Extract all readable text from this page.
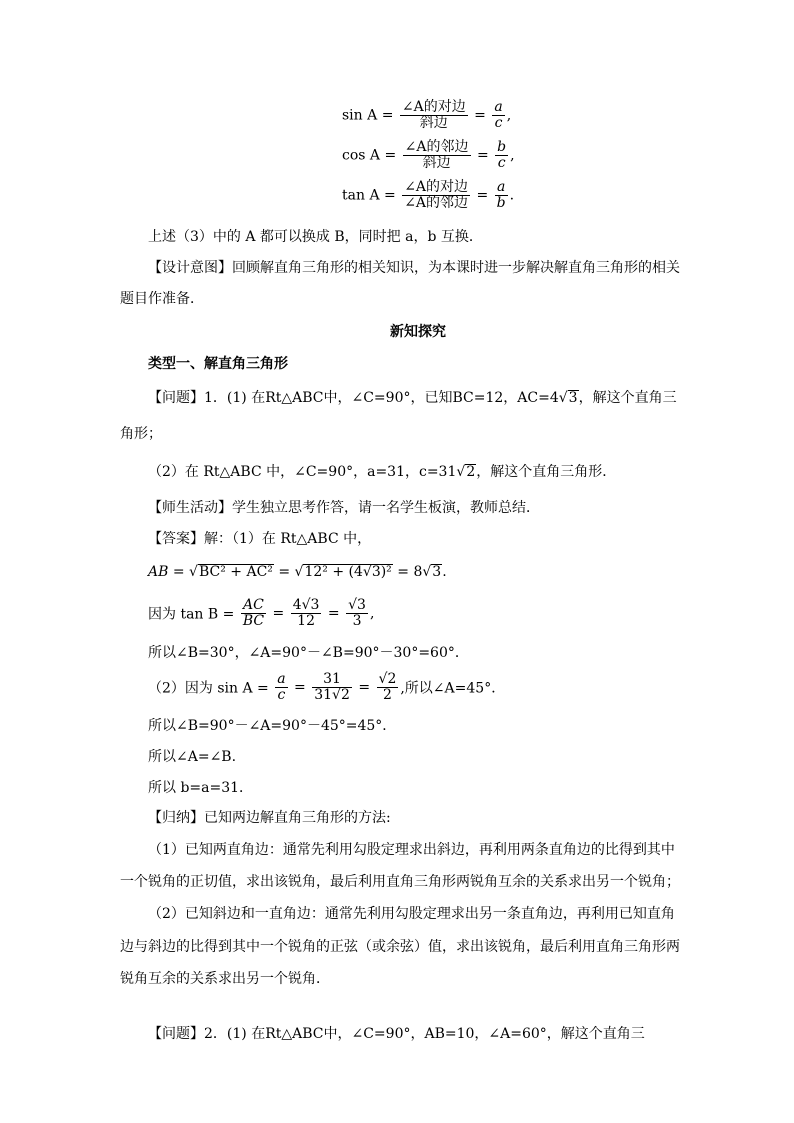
$\sin A = \frac{\text{∠A的对边}}{\text{斜边}} = \frac{a}{c}$ ,
$\cos A = \frac{\text{∠A的邻边}}{\text{斜边}} = \frac{b}{c}$ ,
$\tan A = \frac{\text{∠A的对边}}{\text{∠A的邻边}} = \frac{a}{b}$ .
上述（3）中的 A 都可以换成 B，同时把 a，b 互换．
【设计意图】回顾解直角三角形的相关知识，为本课时进一步解决解直角三角形的相关
题目作准备．
新知探究
类型一、解直角三角形
【问题】1．(1) 在Rt△ABC中，∠C=90°，已知BC=12，AC=4√3，解这个直角三
角形；
（2）在 Rt△ABC 中，∠C=90°，a=31，c=31√2，解这个直角三角形．
【师生活动】学生独立思考作答，请一名学生板演，教师总结．
【答案】解：（1）在 Rt△ABC 中，
AB = √BC² + AC² = √12² + (4√3)² = 8√3.
因为 $\tan B = \frac{AC}{BC} = \frac{4√3}{12} = \frac{√3}{3}$ ,
所以∠B=30°，∠A=90°－∠B=90°－30°=60°．
（2）因为 $\sin A = \frac{a}{c} = \frac{31}{31√2} = \frac{√2}{2}$ ,所以∠A=45°．
所以∠B=90°－∠A=90°－45°=45°．
所以∠A=∠B.
所以 b=a=31．
【归纳】已知两边解直角三角形的方法:
（1）已知两直角边：通常先利用勾股定理求出斜边，再利用两条直角边的比得到其中
一个锐角的正切值，求出该锐角，最后利用直角三角形两锐角互余的关系求出另一个锐角；
（2）已知斜边和一直角边：通常先利用勾股定理求出另一条直角边，再利用已知直角
边与斜边的比得到其中一个锐角的正弦（或余弦）值，求出该锐角，最后利用直角三角形两
锐角互余的关系求出另一个锐角．
【问题】2．(1) 在Rt△ABC中，∠C=90°，AB=10，∠A=60°，解这个直角三
